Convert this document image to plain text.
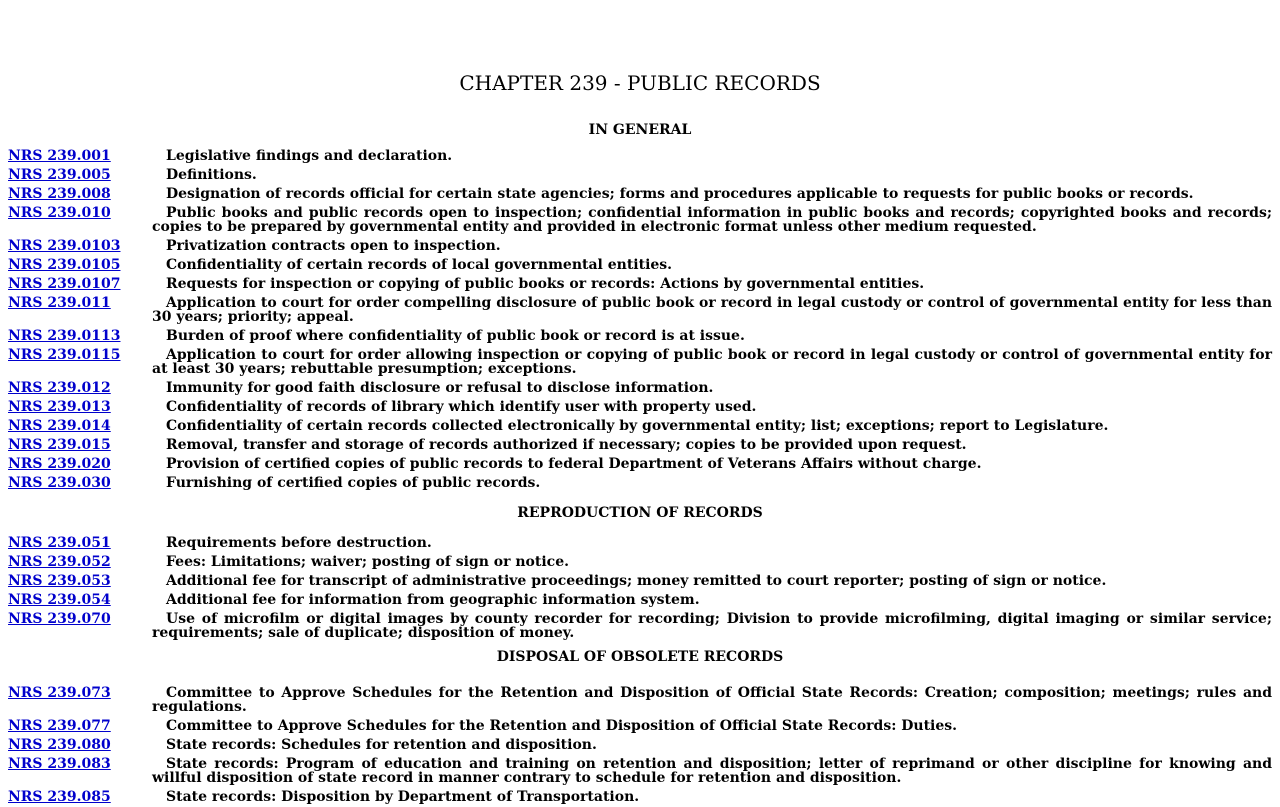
CHAPTER 239 - PUBLIC RECORDS
IN GENERAL
NRS 239.001	Legislative findings and declaration.
NRS 239.005	Definitions.
NRS 239.008	Designation of records official for certain state agencies; forms and procedures applicable to requests for public books or records.
NRS 239.010	Public books and public records open to inspection; confidential information in public books and records; copyrighted books and records; copies to be prepared by governmental entity and provided in electronic format unless other medium requested.
NRS 239.0103	Privatization contracts open to inspection.
NRS 239.0105	Confidentiality of certain records of local governmental entities.
NRS 239.0107	Requests for inspection or copying of public books or records: Actions by governmental entities.
NRS 239.011	Application to court for order compelling disclosure of public book or record in legal custody or control of governmental entity for less than 30 years; priority; appeal.
NRS 239.0113	Burden of proof where confidentiality of public book or record is at issue.
NRS 239.0115	Application to court for order allowing inspection or copying of public book or record in legal custody or control of governmental entity for at least 30 years; rebuttable presumption; exceptions.
NRS 239.012	Immunity for good faith disclosure or refusal to disclose information.
NRS 239.013	Confidentiality of records of library which identify user with property used.
NRS 239.014	Confidentiality of certain records collected electronically by governmental entity; list; exceptions; report to Legislature.
NRS 239.015	Removal, transfer and storage of records authorized if necessary; copies to be provided upon request.
NRS 239.020	Provision of certified copies of public records to federal Department of Veterans Affairs without charge.
NRS 239.030	Furnishing of certified copies of public records.
REPRODUCTION OF RECORDS
NRS 239.051	Requirements before destruction.
NRS 239.052	Fees: Limitations; waiver; posting of sign or notice.
NRS 239.053	Additional fee for transcript of administrative proceedings; money remitted to court reporter; posting of sign or notice.
NRS 239.054	Additional fee for information from geographic information system.
NRS 239.070	Use of microfilm or digital images by county recorder for recording; Division to provide microfilming, digital imaging or similar service; requirements; sale of duplicate; disposition of money.
DISPOSAL OF OBSOLETE RECORDS
NRS 239.073	Committee to Approve Schedules for the Retention and Disposition of Official State Records: Creation; composition; meetings; rules and regulations.
NRS 239.077	Committee to Approve Schedules for the Retention and Disposition of Official State Records: Duties.
NRS 239.080	State records: Schedules for retention and disposition.
NRS 239.083	State records: Program of education and training on retention and disposition; letter of reprimand or other discipline for knowing and willful disposition of state record in manner contrary to schedule for retention and disposition.
NRS 239.085	State records: Disposition by Department of Transportation.
